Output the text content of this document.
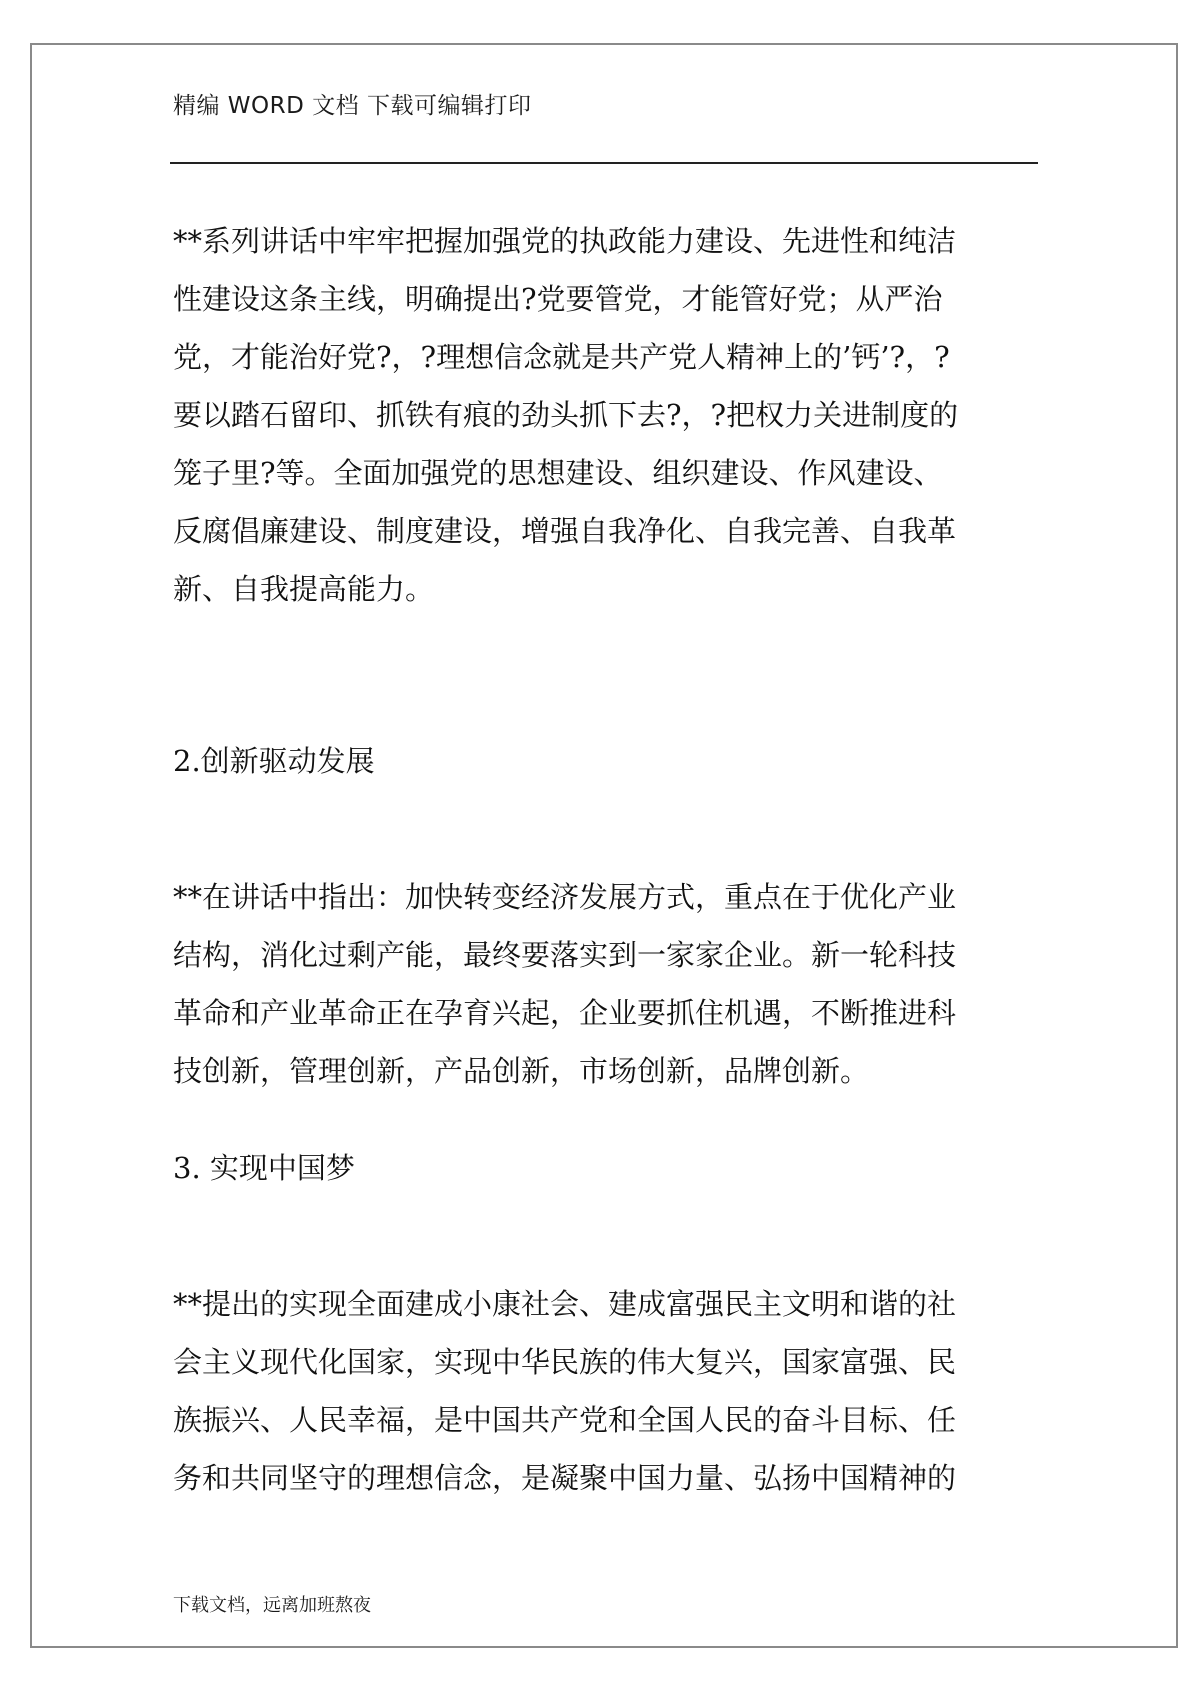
精编 WORD 文档 下载可编辑打印
**系列讲话中牢牢把握加强党的执政能力建设、先进性和纯洁
性建设这条主线，明确提出?党要管党，才能管好党；从严治
党，才能治好党?，?理想信念就是共产党人精神上的’钙’?，?
要以踏石留印、抓铁有痕的劲头抓下去?，?把权力关进制度的
笼子里?等。全面加强党的思想建设、组织建设、作风建设、
反腐倡廉建设、制度建设，增强自我净化、自我完善、自我革
新、自我提高能力。
2.创新驱动发展
**在讲话中指出：加快转变经济发展方式，重点在于优化产业
结构，消化过剩产能，最终要落实到一家家企业。新一轮科技
革命和产业革命正在孕育兴起，企业要抓住机遇，不断推进科
技创新，管理创新，产品创新，市场创新，品牌创新。
3. 实现中国梦
**提出的实现全面建成小康社会、建成富强民主文明和谐的社
会主义现代化国家，实现中华民族的伟大复兴，国家富强、民
族振兴、人民幸福，是中国共产党和全国人民的奋斗目标、任
务和共同坚守的理想信念，是凝聚中国力量、弘扬中国精神的
下载文档，远离加班熬夜
